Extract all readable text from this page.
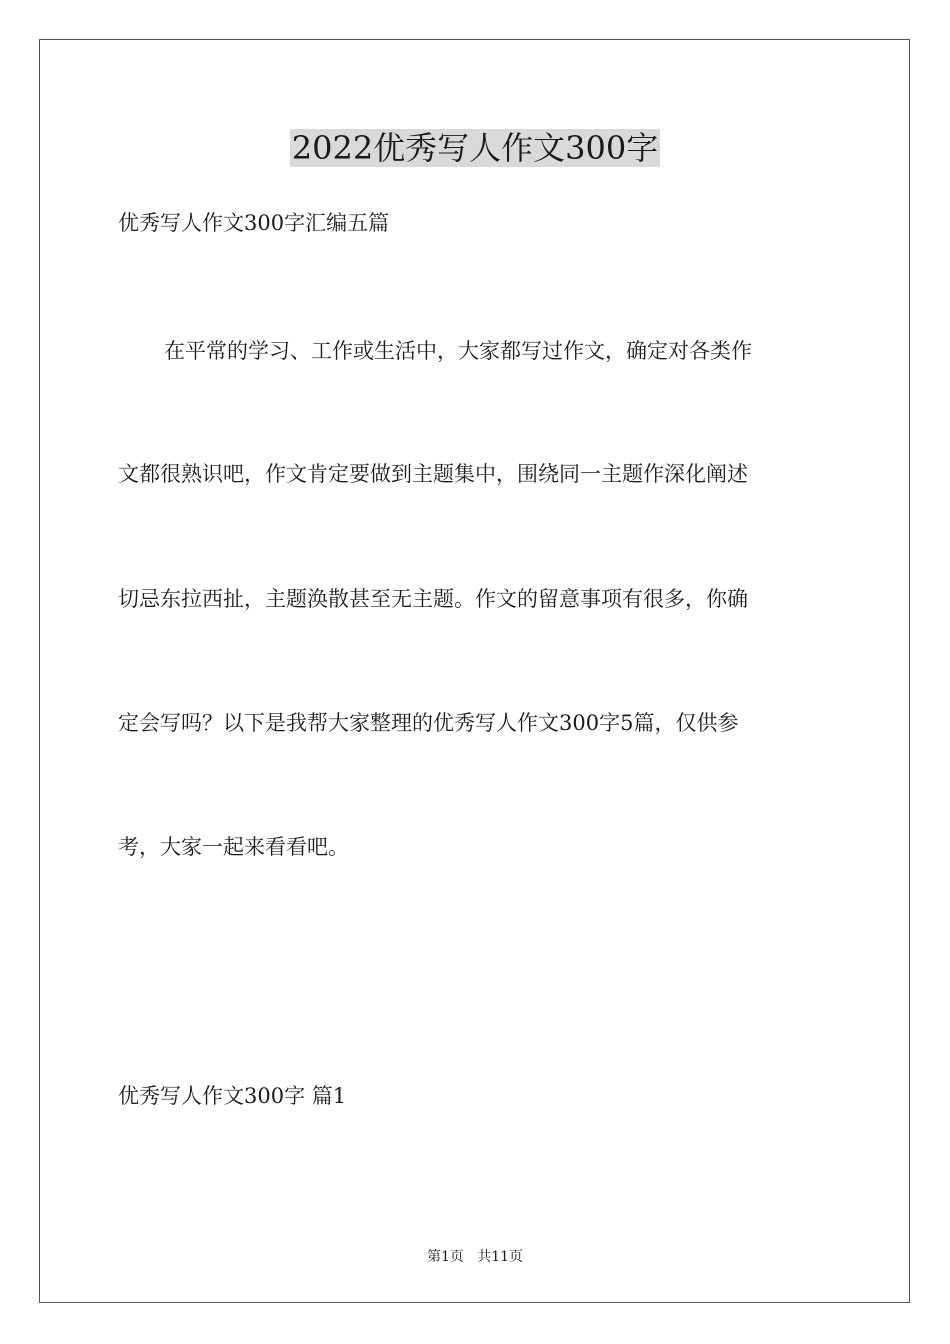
2022优秀写人作文300字
优秀写人作文300字汇编五篇
在平常的学习、工作或生活中，大家都写过作文，确定对各类作
文都很熟识吧，作文肯定要做到主题集中，围绕同一主题作深化阐述
切忌东拉西扯，主题涣散甚至无主题。作文的留意事项有很多，你确
定会写吗？以下是我帮大家整理的优秀写人作文300字5篇，仅供参
考，大家一起来看看吧。
优秀写人作文300字 篇1
第1页   共11页
